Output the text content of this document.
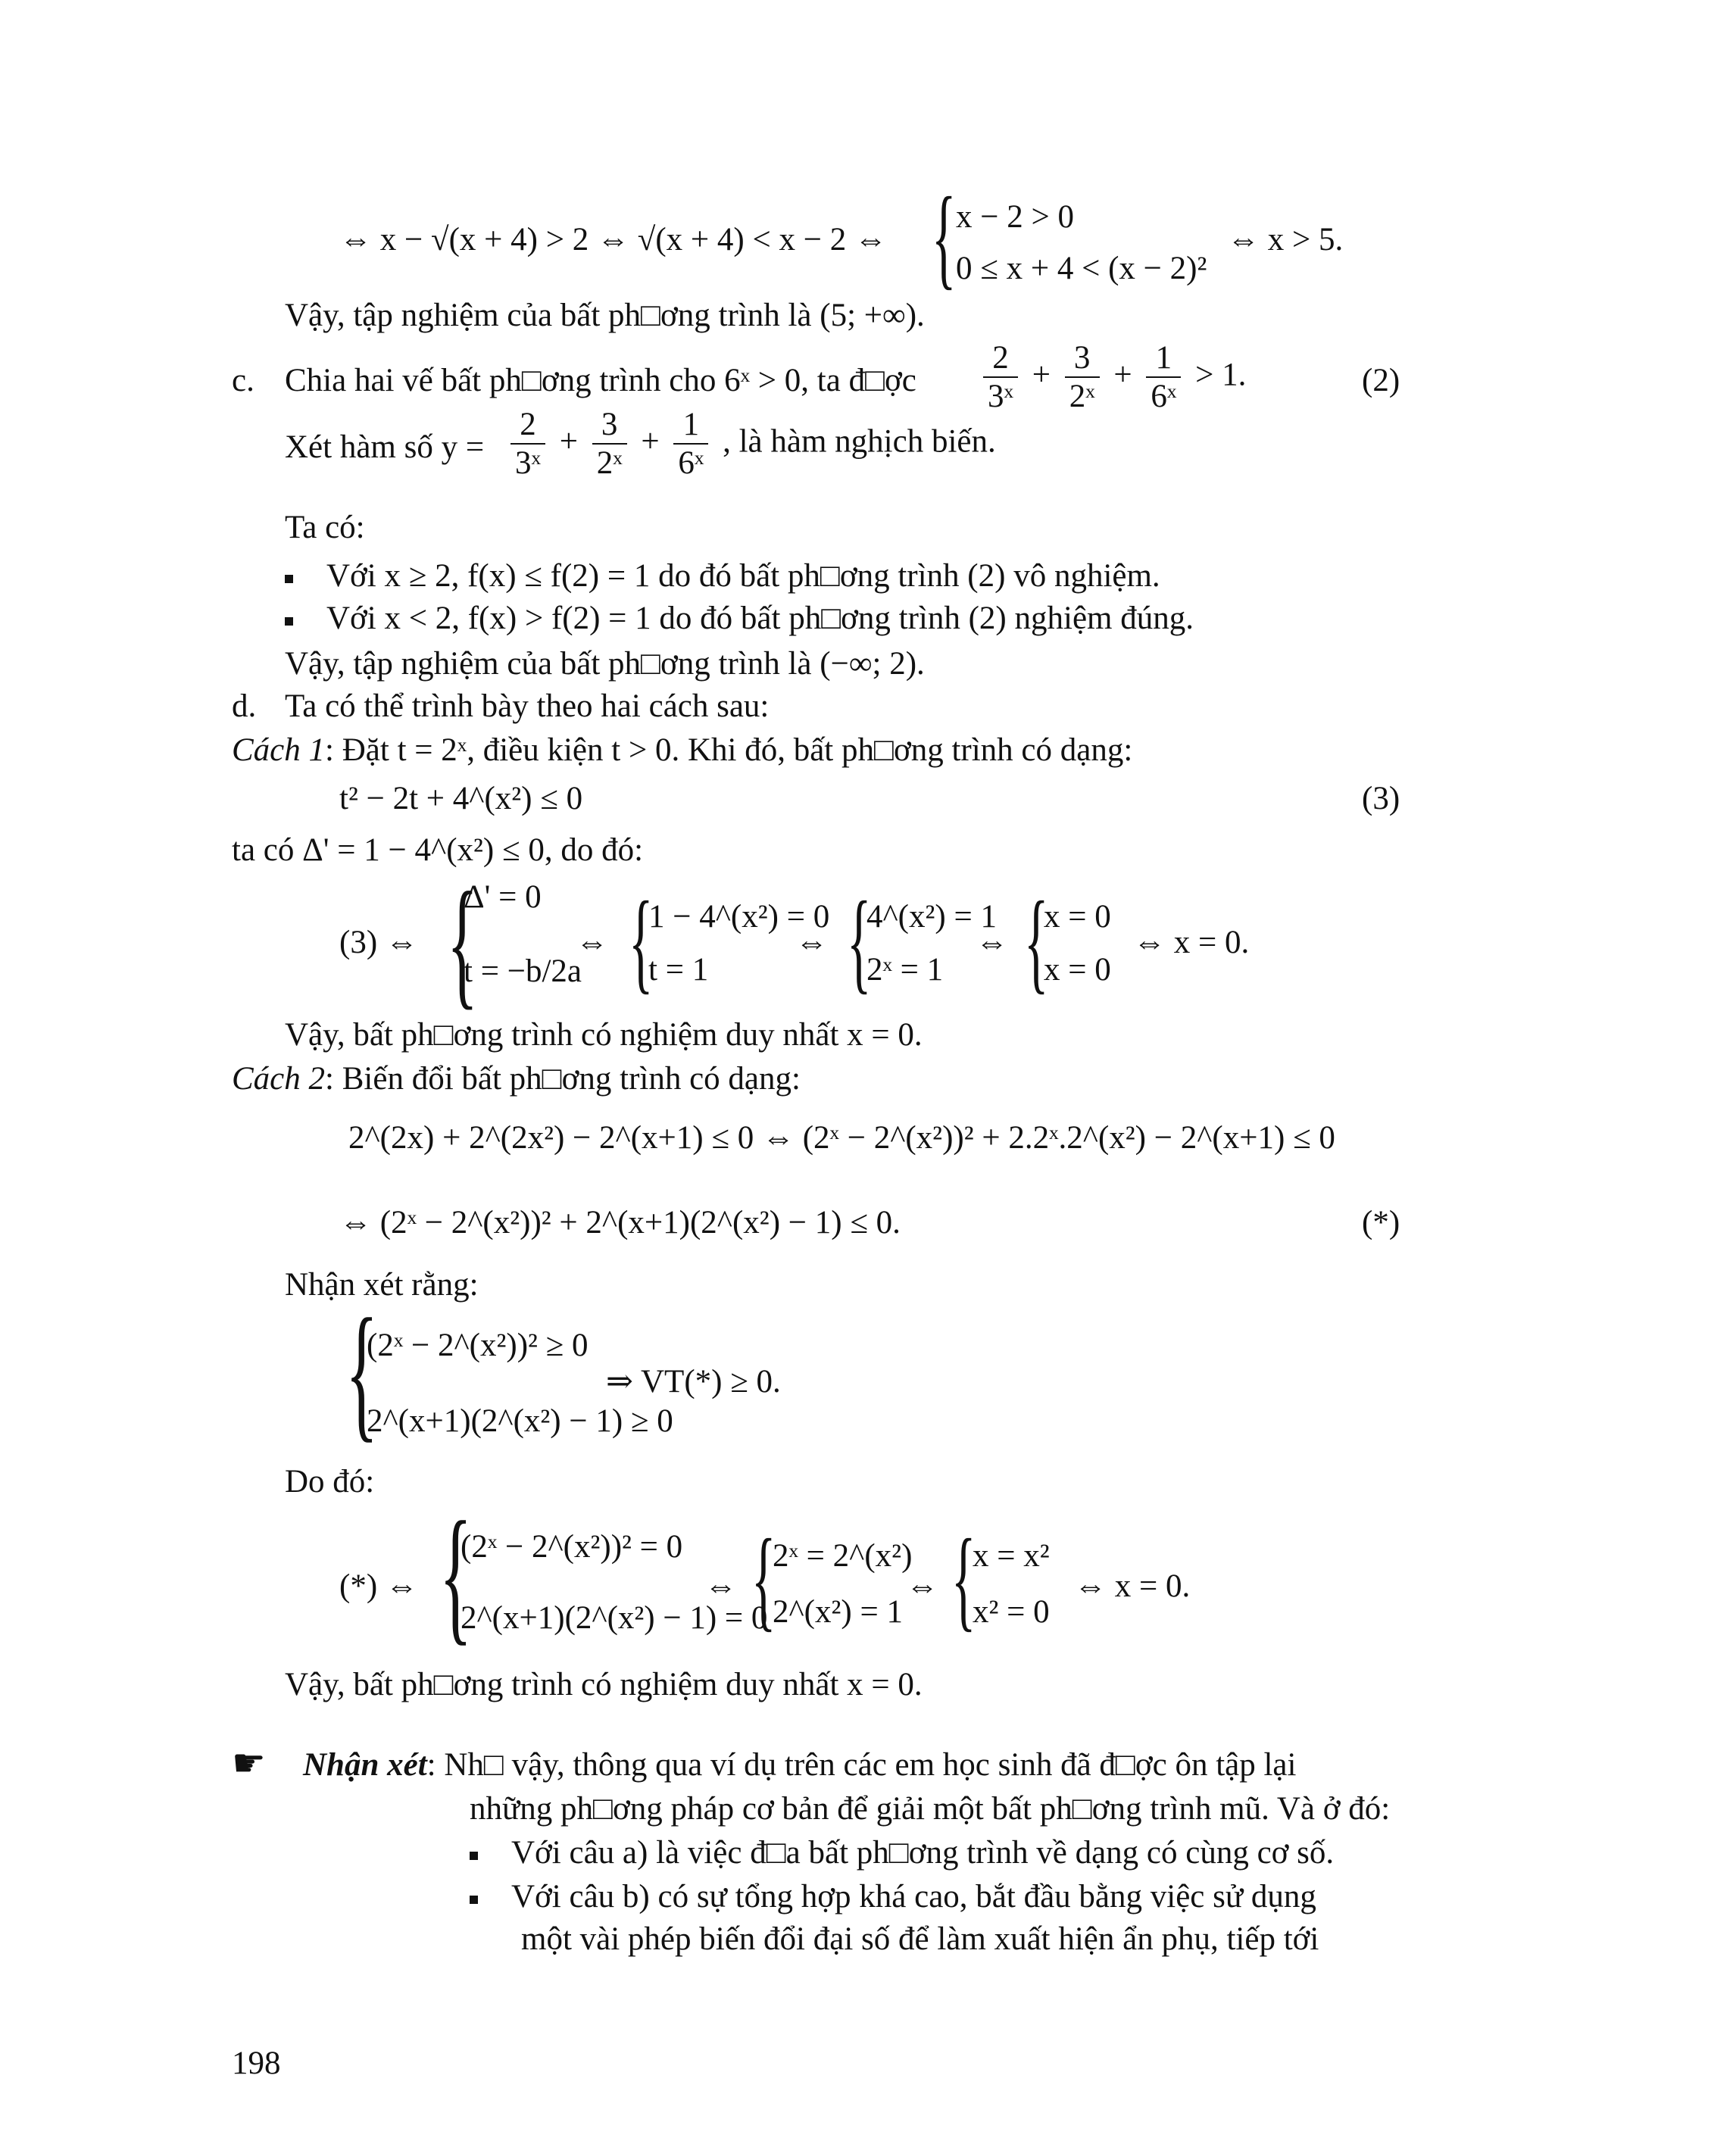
⇔ x − √(x + 4) > 2 ⇔ √(x + 4) < x − 2 ⇔ { x − 2 > 0
0 ≤ x + 4 < (x − 2)²
⇔ x > 5.
Vậy, tập nghiệm của bất ph□ơng trình là (5; +∞).
c. Chia hai vế bất ph□ơng trình cho 6ˣ > 0, ta đ□ợc $\frac{2}{\text{3ˣ}} + \frac{3}{\text{2ˣ}} + \frac{1}{\text{6ˣ}} > 1$.	(2)
Xét hàm số $y = \frac{2}{\text{3ˣ}} + \frac{3}{\text{2ˣ}} + \frac{1}{\text{6ˣ}}$ , là hàm nghịch biến.
Ta có:
Với x ≥ 2, f(x) ≤ f(2) = 1 do đó bất ph□ơng trình (2) vô nghiệm.
Với x < 2, f(x) > f(2) = 1 do đó bất ph□ơng trình (2) nghiệm đúng.
Vậy, tập nghiệm của bất ph□ơng trình là (−∞; 2).
d. Ta có thể trình bày theo hai cách sau:
Cách 1: Đặt t = 2ˣ, điều kiện t > 0. Khi đó, bất ph□ơng trình có dạng:
t² − 2t + 4^(x²) ≤ 0	(3)
ta có Δ' = 1 − 4^(x²) ≤ 0, do đó:
(3) ⇔ {
Δ' = 0
t = −b/2a
⇔ {
1 − 4^(x²) = 0
t = 1
⇔ {
4^(x²) = 1
2ˣ = 1
⇔ {
x = 0
x = 0
⇔ x = 0.
Vậy, bất ph□ơng trình có nghiệm duy nhất x = 0.
Cách 2: Biến đổi bất ph□ơng trình có dạng:
2^(2x) + 2^(2x²) − 2^(x+1) ≤ 0 ⇔ (2ˣ − 2^(x²))² + 2.2ˣ.2^(x²) − 2^(x+1) ≤ 0
⇔ (2ˣ − 2^(x²))² + 2^(x+1)(2^(x²) − 1) ≤ 0.	(*)
Nhận xét rằng:
{
(2ˣ − 2^(x²))² ≥ 0
2^(x+1)(2^(x²) − 1) ≥ 0
⇒ VT(*) ≥ 0.
Do đó:
(*) ⇔ {
(2ˣ − 2^(x²))² = 0
2^(x+1)(2^(x²) − 1) = 0
⇔ {
2ˣ = 2^(x²)
2^(x²) = 1
⇔ {
x = x²
x² = 0
⇔ x = 0.
Vậy, bất ph□ơng trình có nghiệm duy nhất x = 0.
☛ Nhận xét: Nh□ vậy, thông qua ví dụ trên các em học sinh đã đ□ợc ôn tập lại
những ph□ơng pháp cơ bản để giải một bất ph□ơng trình mũ. Và ở đó:
Với câu a) là việc đ□a bất ph□ơng trình về dạng có cùng cơ số.
Với câu b) có sự tổng hợp khá cao, bắt đầu bằng việc sử dụng
một vài phép biến đổi đại số để làm xuất hiện ẩn phụ, tiếp tới
198
